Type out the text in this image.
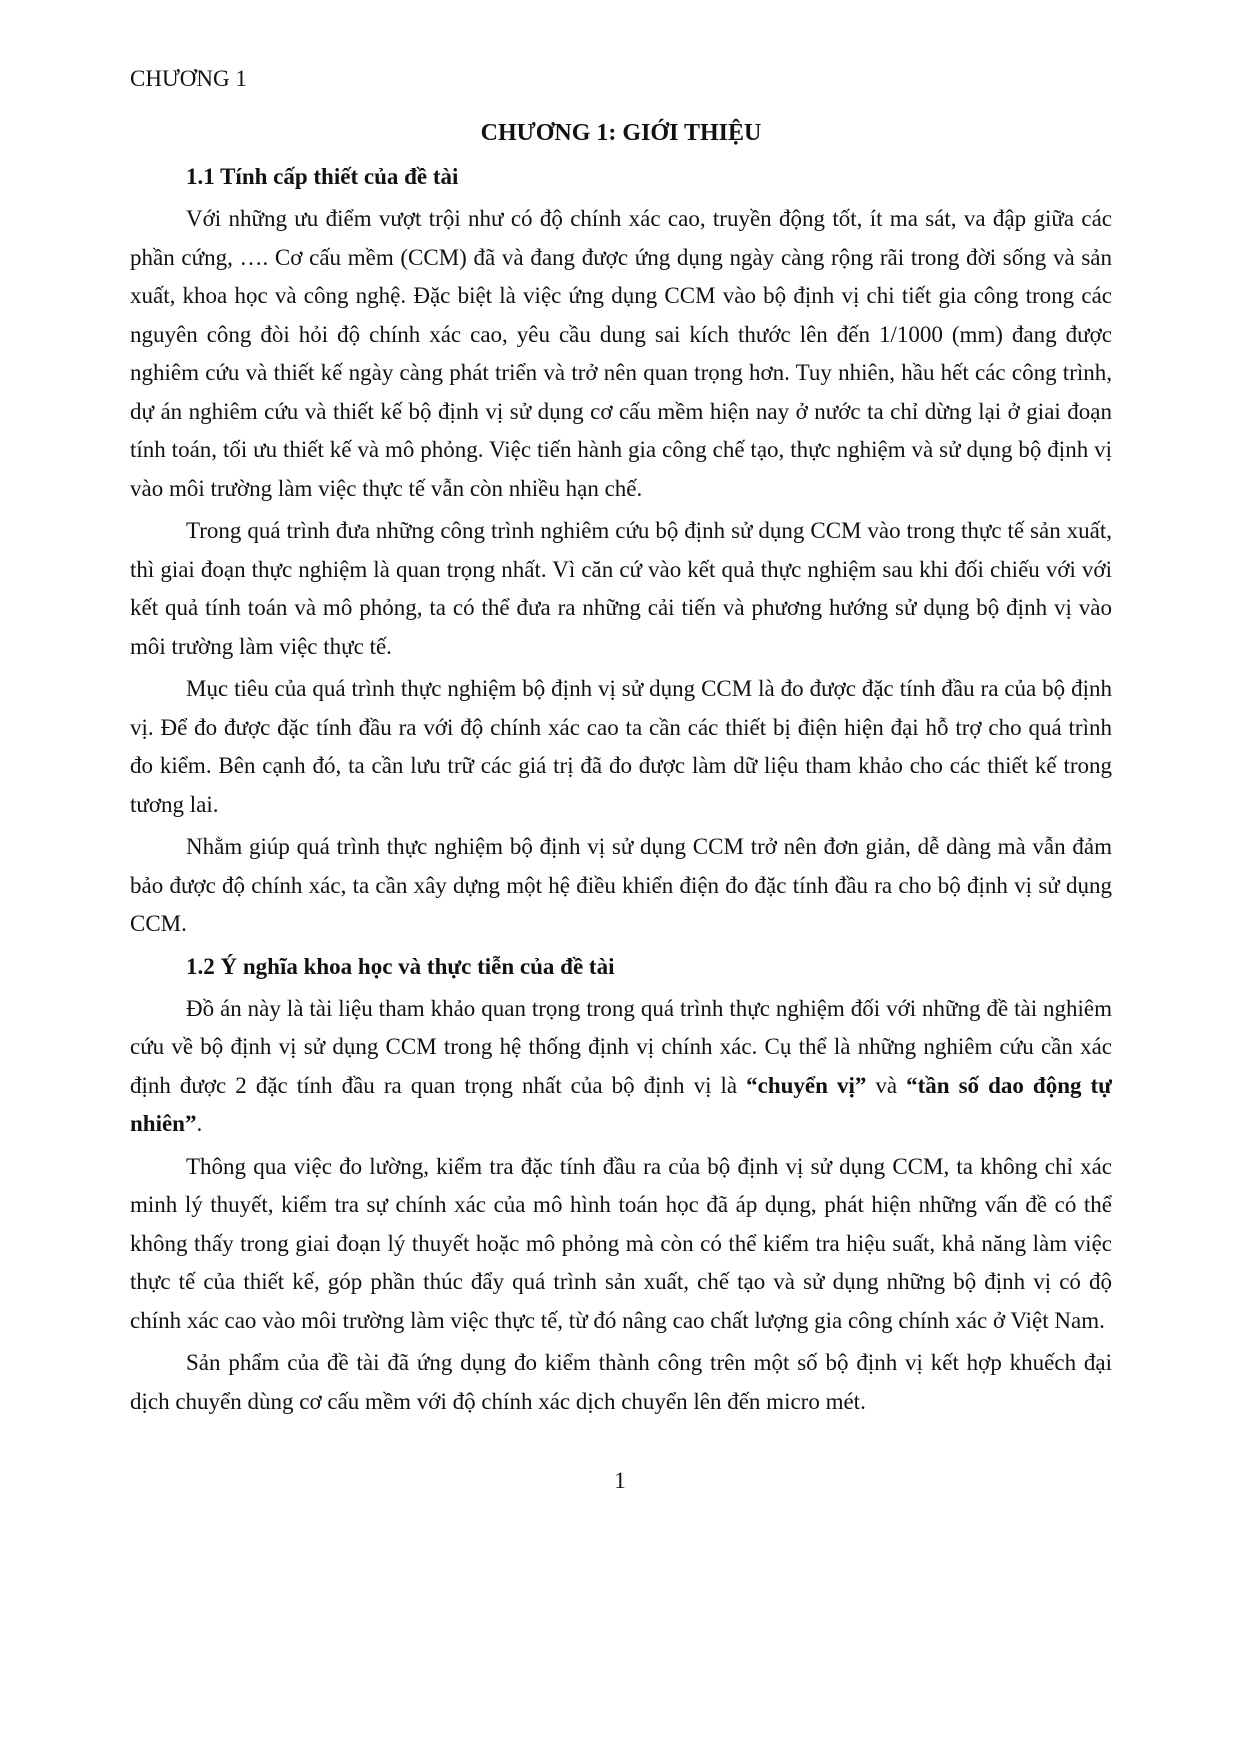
CHƯƠNG 1
CHƯƠNG 1: GIỚI THIỆU
1.1 Tính cấp thiết của đề tài

Với những ưu điểm vượt trội như có độ chính xác cao, truyền động tốt, ít ma sát, va đập giữa các phần cứng, …. Cơ cấu mềm (CCM) đã và đang được ứng dụng ngày càng rộng rãi trong đời sống và sản xuất, khoa học và công nghệ. Đặc biệt là việc ứng dụng CCM vào bộ định vị chi tiết gia công trong các nguyên công đòi hỏi độ chính xác cao, yêu cầu dung sai kích thước lên đến 1/1000 (mm) đang được nghiêm cứu và thiết kế ngày càng phát triển và trở nên quan trọng hơn. Tuy nhiên, hầu hết các công trình, dự án nghiêm cứu và thiết kế bộ định vị sử dụng cơ cấu mềm hiện nay ở nước ta chỉ dừng lại ở giai đoạn tính toán, tối ưu thiết kế và mô phỏng. Việc tiến hành gia công chế tạo, thực nghiệm và sử dụng bộ định vị vào môi trường làm việc thực tế vẫn còn nhiều hạn chế.

Trong quá trình đưa những công trình nghiêm cứu bộ định sử dụng CCM vào trong thực tế sản xuất, thì giai đoạn thực nghiệm là quan trọng nhất. Vì căn cứ vào kết quả thực nghiệm sau khi đối chiếu với với kết quả tính toán và mô phỏng, ta có thể đưa ra những cải tiến và phương hướng sử dụng bộ định vị vào môi trường làm việc thực tế.

Mục tiêu của quá trình thực nghiệm bộ định vị sử dụng CCM là đo được đặc tính đầu ra của bộ định vị. Để đo được đặc tính đầu ra với độ chính xác cao ta cần các thiết bị điện hiện đại hỗ trợ cho quá trình đo kiểm. Bên cạnh đó, ta cần lưu trữ các giá trị đã đo được làm dữ liệu tham khảo cho các thiết kế trong tương lai.

Nhằm giúp quá trình thực nghiệm bộ định vị sử dụng CCM trở nên đơn giản, dễ dàng mà vẫn đảm bảo được độ chính xác, ta cần xây dựng một hệ điều khiển điện đo đặc tính đầu ra cho bộ định vị sử dụng CCM.

1.2 Ý nghĩa khoa học và thực tiễn của đề tài

Đồ án này là tài liệu tham khảo quan trọng trong quá trình thực nghiệm đối với những đề tài nghiêm cứu về bộ định vị sử dụng CCM trong hệ thống định vị chính xác. Cụ thể là những nghiêm cứu cần xác định được 2 đặc tính đầu ra quan trọng nhất của bộ định vị là “chuyển vị” và “tần số dao động tự nhiên”.

Thông qua việc đo lường, kiểm tra đặc tính đầu ra của bộ định vị sử dụng CCM, ta không chỉ xác minh lý thuyết, kiểm tra sự chính xác của mô hình toán học đã áp dụng, phát hiện những vấn đề có thể không thấy trong giai đoạn lý thuyết hoặc mô phỏng mà còn có thể kiểm tra hiệu suất, khả năng làm việc thực tế của thiết kế, góp phần thúc đẩy quá trình sản xuất, chế tạo và sử dụng những bộ định vị có độ chính xác cao vào môi trường làm việc thực tế, từ đó nâng cao chất lượng gia công chính xác ở Việt Nam.

Sản phẩm của đề tài đã ứng dụng đo kiểm thành công trên một số bộ định vị kết hợp khuếch đại dịch chuyển dùng cơ cấu mềm với độ chính xác dịch chuyển lên đến micro mét.

1
